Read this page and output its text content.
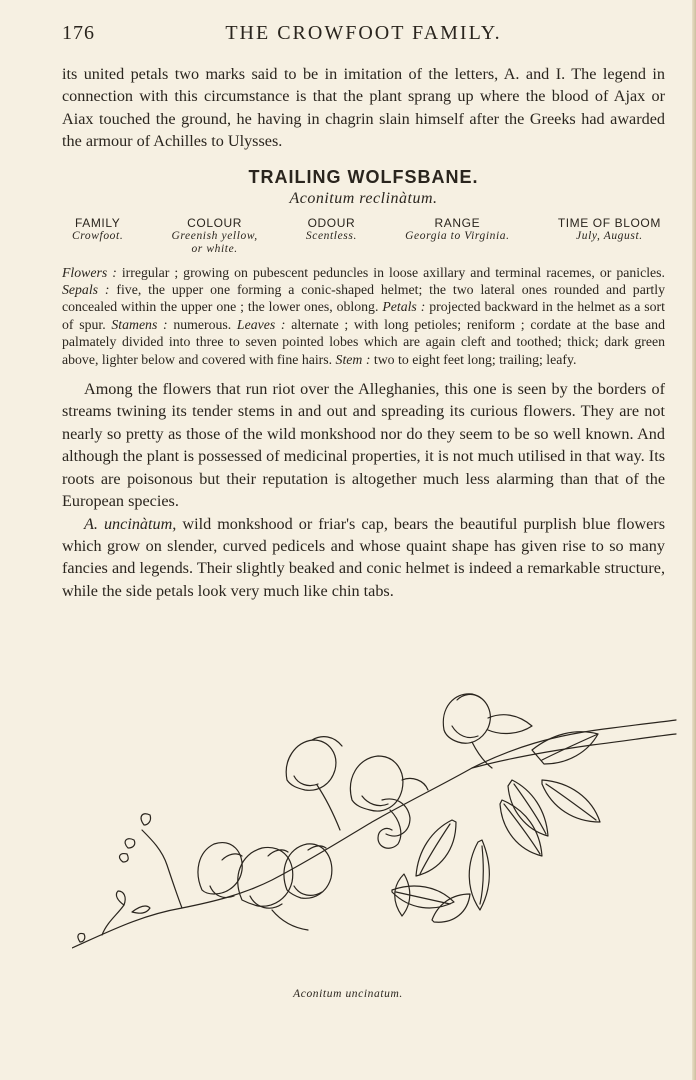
176	THE CROWFOOT FAMILY.

its united petals two marks said to be in imitation of the letters, A. and I. The legend in connection with this circumstance is that the plant sprang up where the blood of Ajax or Aiax touched the ground, he having in chagrin slain himself after the Greeks had awarded the armour of Achilles to Ulysses.

TRAILING WOLFSBANE.
Aconitum reclinàtum.
FAMILY
Crowfoot.
COLOUR
Greenish yellow,
or white.
ODOUR
Scentless.
RANGE
Georgia to Virginia.
TIME OF BLOOM
July, August.

Flowers : irregular ; growing on pubescent peduncles in loose axillary and terminal racemes, or panicles. Sepals : five, the upper one forming a conic-shaped helmet; the two lateral ones rounded and partly concealed within the upper one ; the lower ones, oblong. Petals : projected backward in the helmet as a sort of spur. Stamens : numerous. Leaves : alternate ; with long petioles; reniform ; cordate at the base and palmately divided into three to seven pointed lobes which are again cleft and toothed; thick; dark green above, lighter below and covered with fine hairs. Stem : two to eight feet long; trailing; leafy.

Among the flowers that run riot over the Alleghanies, this one is seen by the borders of streams twining its tender stems in and out and spreading its curious flowers. They are not nearly so pretty as those of the wild monkshood nor do they seem to be so well known. And although the plant is possessed of medicinal properties, it is not much utilised in that way. Its roots are poisonous but their reputation is altogether much less alarming than that of the European species.

A. uncinàtum, wild monkshood or friar's cap, bears the beautiful purplish blue flowers which grow on slender, curved pedicels and whose quaint shape has given rise to so many fancies and legends. Their slightly beaked and conic helmet is indeed a remarkable structure, while the side petals look very much like chin tabs.

Aconitum uncinatum.
